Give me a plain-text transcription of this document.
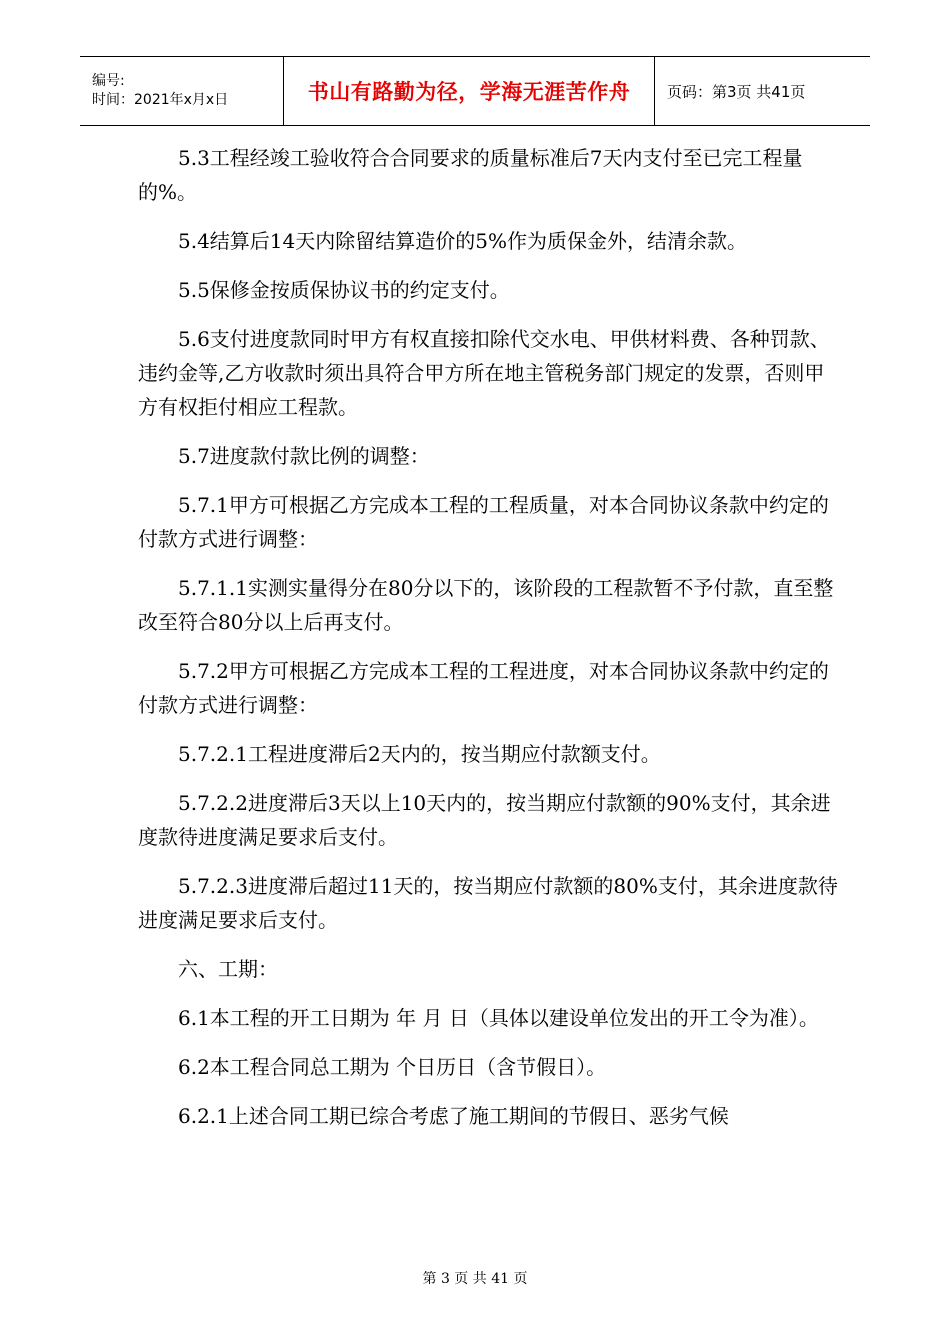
编号:
时间：2021年x月x日	书山有路勤为径，学海无涯苦作舟	页码：第3页 共41页

5.3工程经竣工验收符合合同要求的质量标准后7天内支付至已完工程量的%。

5.4结算后14天内除留结算造价的5%作为质保金外，结清余款。

5.5保修金按质保协议书的约定支付。

5.6支付进度款同时甲方有权直接扣除代交水电、甲供材料费、各种罚款、违约金等,乙方收款时须出具符合甲方所在地主管税务部门规定的发票，否则甲方有权拒付相应工程款。

5.7进度款付款比例的调整：

5.7.1甲方可根据乙方完成本工程的工程质量，对本合同协议条款中约定的付款方式进行调整：

5.7.1.1实测实量得分在80分以下的，该阶段的工程款暂不予付款，直至整改至符合80分以上后再支付。

5.7.2甲方可根据乙方完成本工程的工程进度，对本合同协议条款中约定的付款方式进行调整：

5.7.2.1工程进度滞后2天内的，按当期应付款额支付。

5.7.2.2进度滞后3天以上10天内的，按当期应付款额的90%支付，其余进度款待进度满足要求后支付。

5.7.2.3进度滞后超过11天的，按当期应付款额的80%支付，其余进度款待进度满足要求后支付。

六、工期：

6.1本工程的开工日期为 年 月 日（具体以建设单位发出的开工令为准）。

6.2本工程合同总工期为 个日历日（含节假日）。

6.2.1上述合同工期已综合考虑了施工期间的节假日、恶劣气候

第 3 页 共 41 页
